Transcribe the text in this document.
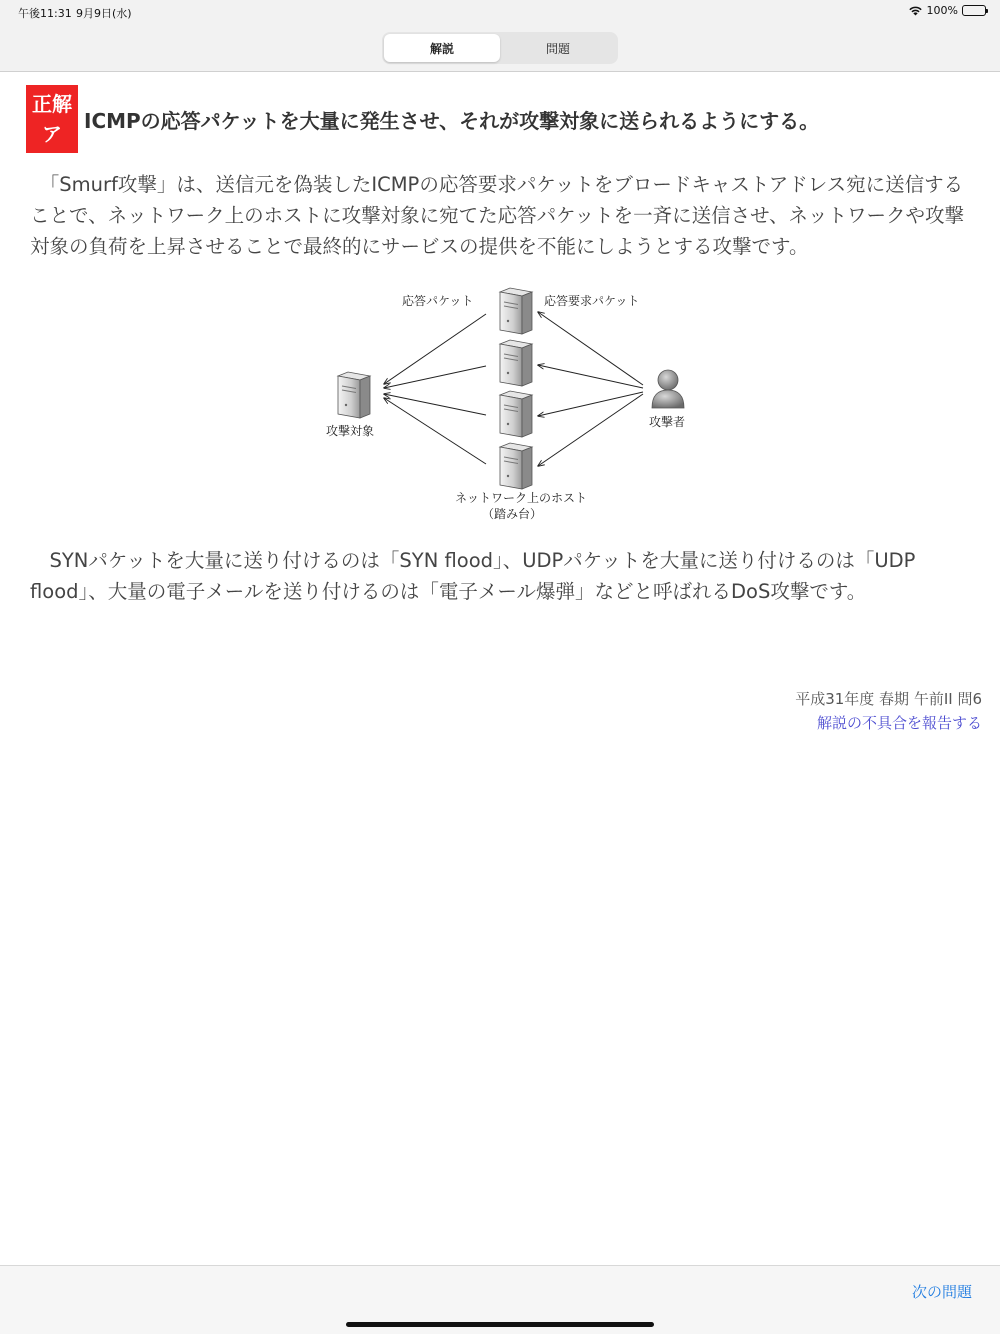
午後11:31 9月9日(水)	100%
解説	問題
正解
ア
ICMPの応答パケットを大量に発生させ、それが攻撃対象に送られるようにする。

　「Smurf攻撃」は、送信元を偽装したICMPの応答要求パケットをブロードキャストアドレス宛に送信することで、ネットワーク上のホストに攻撃対象に宛てた応答パケットを一斉に送信させ、ネットワークや攻撃対象の負荷を上昇させることで最終的にサービスの提供を不能にしようとする攻撃です。

応答パケット	応答要求パケット
攻撃対象
攻撃者
ネットワーク上のホスト
（踏み台）

　SYNパケットを大量に送り付けるのは「SYN flood」、UDPパケットを大量に送り付けるのは「UDP flood」、大量の電子メールを送り付けるのは「電子メール爆弾」などと呼ばれるDoS攻撃です。

平成31年度 春期 午前II 問6
解説の不具合を報告する
次の問題
